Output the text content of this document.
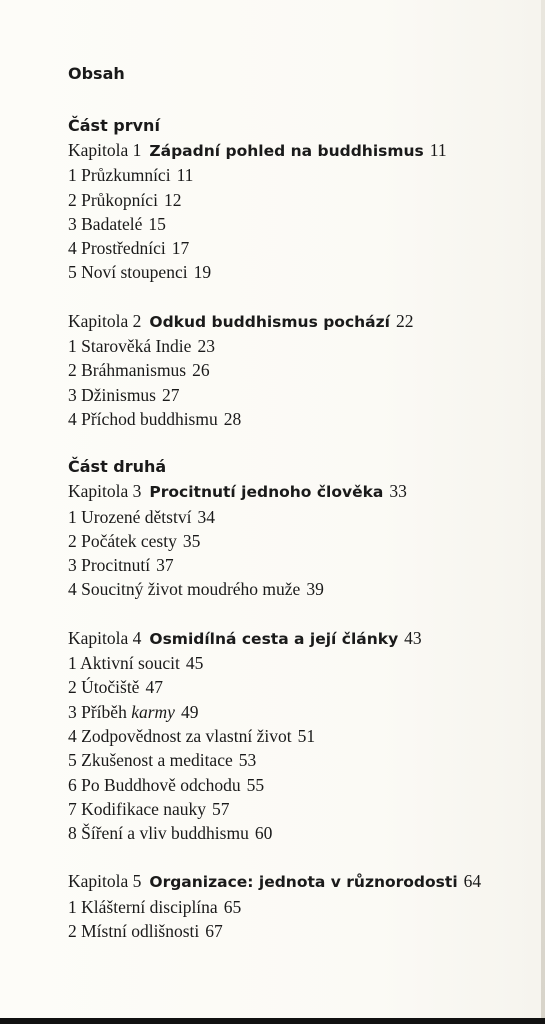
Obsah
Část první
Kapitola 1 Západní pohled na buddhismus 11
1 Průzkumníci 11
2 Průkopníci 12
3 Badatelé 15
4 Prostředníci 17
5 Noví stoupenci 19
Kapitola 2 Odkud buddhismus pochází 22
1 Starověká Indie 23
2 Bráhmanismus 26
3 Džinismus 27
4 Příchod buddhismu 28
Část druhá
Kapitola 3 Procitnutí jednoho člověka 33
1 Urozené dětství 34
2 Počátek cesty 35
3 Procitnutí 37
4 Soucitný život moudrého muže 39
Kapitola 4 Osmidílná cesta a její články 43
1 Aktivní soucit 45
2 Útočiště 47
3 Příběh karmy 49
4 Zodpovědnost za vlastní život 51
5 Zkušenost a meditace 53
6 Po Buddhově odchodu 55
7 Kodifikace nauky 57
8 Šíření a vliv buddhismu 60
Kapitola 5 Organizace: jednota v různorodosti 64
1 Klášterní disciplína 65
2 Místní odlišnosti 67
